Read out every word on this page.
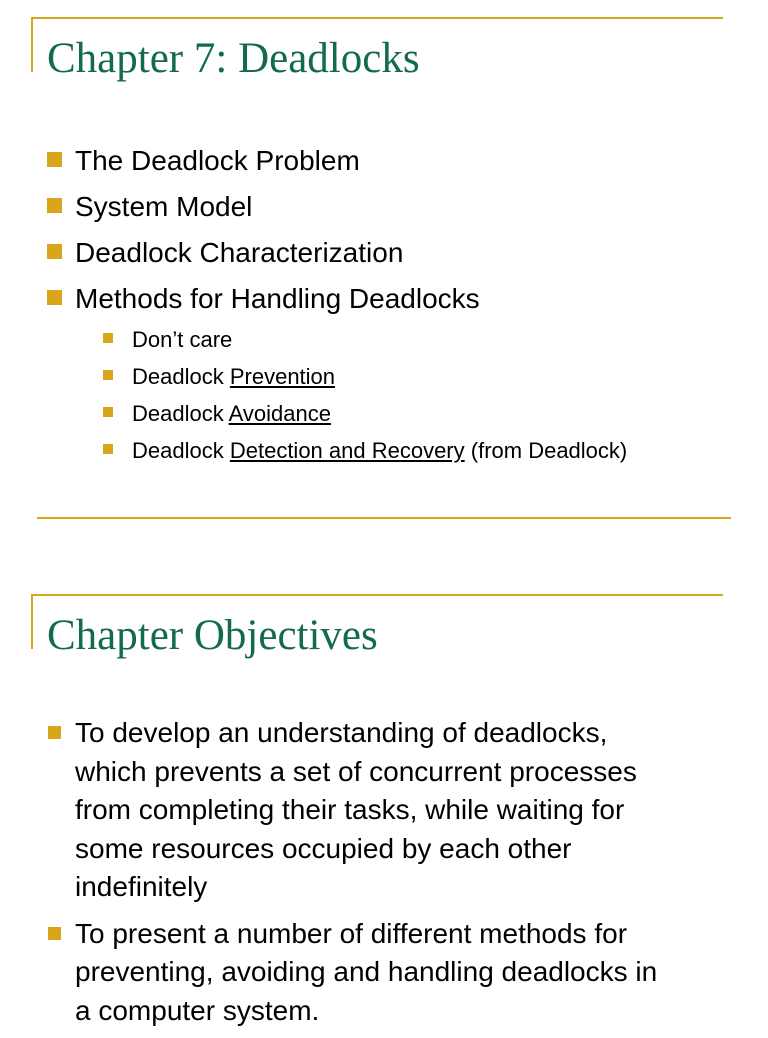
Chapter 7: Deadlocks
The Deadlock Problem
System Model
Deadlock Characterization
Methods for Handling Deadlocks
Don’t care
Deadlock Prevention
Deadlock Avoidance
Deadlock Detection and Recovery (from Deadlock)
Chapter Objectives
To develop an understanding of deadlocks,
which prevents a set of concurrent processes
from completing their tasks, while waiting for
some resources occupied by each other
indefinitely
To present a number of different methods for
preventing, avoiding and handling deadlocks in
a computer system.
